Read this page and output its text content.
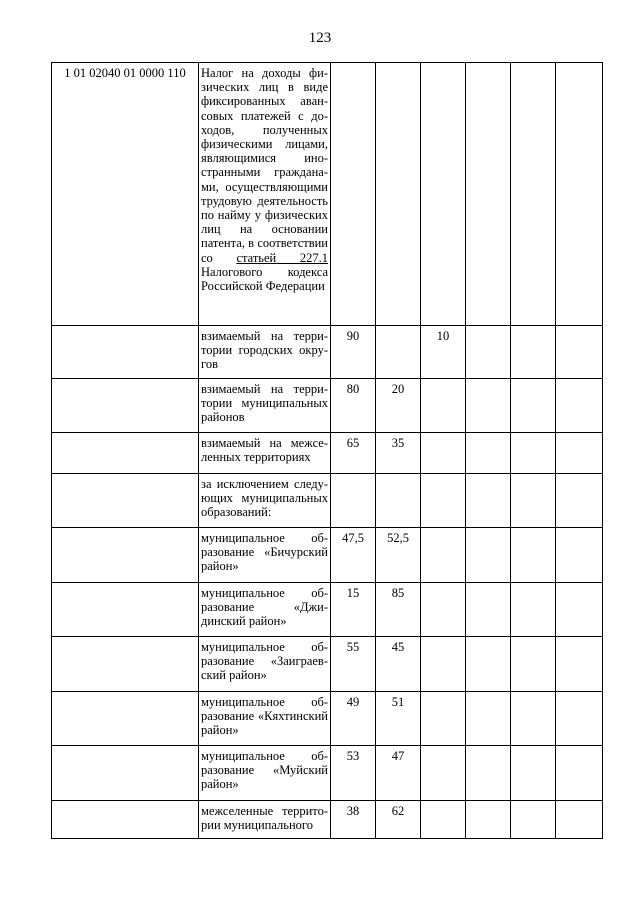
123
1 01 02040 01 0000 110	Налог на доходы физических лиц в виде фиксированных авансовых платежей с доходов, полученных физическими лицами, являющимися иностранными гражданами, осуществляющими трудовую деятельность по найму у физических лиц на основании патента, в соответствии со статьей 227.1 Налогового кодекса Российской Федерации						
	взимаемый на территории городских округов	90		10			
	взимаемый на территории муниципальных районов	80	20				
	взимаемый на межселенных территориях	65	35				
	за исключением следующих муниципальных образований:						
	муниципальное образование «Бичурский район»	47,5	52,5				
	муниципальное образование «Джидинский район»	15	85				
	муниципальное образование «Заиграевский район»	55	45				
	муниципальное образование «Кяхтинский район»	49	51				
	муниципальное образование «Муйский район»	53	47				
	межселенные территории муниципального	38	62				
